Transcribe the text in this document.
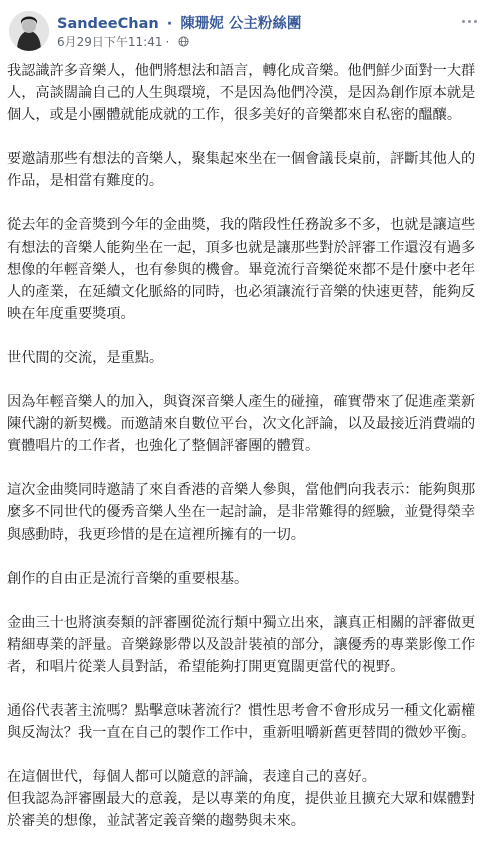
SandeeChan · 陳珊妮 公主粉絲團
6月29日下午11:41 ·

我認識許多音樂人，他們將想法和語言，轉化成音樂。他們鮮少面對一大群人，高談闊論自己的人生與環境，不是因為他們冷漠，是因為創作原本就是個人，或是小團體就能成就的工作，很多美好的音樂都來自私密的醞釀。

要邀請那些有想法的音樂人，聚集起來坐在一個會議長桌前，評斷其他人的作品，是相當有難度的。

從去年的金音獎到今年的金曲獎，我的階段性任務說多不多，也就是讓這些有想法的音樂人能夠坐在一起，頂多也就是讓那些對於評審工作還沒有過多想像的年輕音樂人，也有參與的機會。畢竟流行音樂從來都不是什麼中老年人的產業，在延續文化脈絡的同時，也必須讓流行音樂的快速更替，能夠反映在年度重要獎項。

世代間的交流，是重點。

因為年輕音樂人的加入，與資深音樂人產生的碰撞，確實帶來了促進產業新陳代謝的新契機。而邀請來自數位平台，次文化評論，以及最接近消費端的實體唱片的工作者，也強化了整個評審團的體質。

這次金曲獎同時邀請了來自香港的音樂人參與，當他們向我表示：能夠與那麼多不同世代的優秀音樂人坐在一起討論，是非常難得的經驗，並覺得榮幸與感動時，我更珍惜的是在這裡所擁有的一切。

創作的自由正是流行音樂的重要根基。

金曲三十也將演奏類的評審團從流行類中獨立出來，讓真正相關的評審做更精細專業的評量。音樂錄影帶以及設計裝禎的部分，讓優秀的專業影像工作者，和唱片從業人員對話，希望能夠打開更寬闊更當代的視野。

通俗代表著主流嗎？點擊意味著流行？慣性思考會不會形成另一種文化霸權與反淘汰？我一直在自己的製作工作中，重新咀嚼新舊更替間的微妙平衡。

在這個世代，每個人都可以隨意的評論，表達自己的喜好。

但我認為評審團最大的意義，是以專業的角度，提供並且擴充大眾和媒體對於審美的想像，並試著定義音樂的趨勢與未來。
